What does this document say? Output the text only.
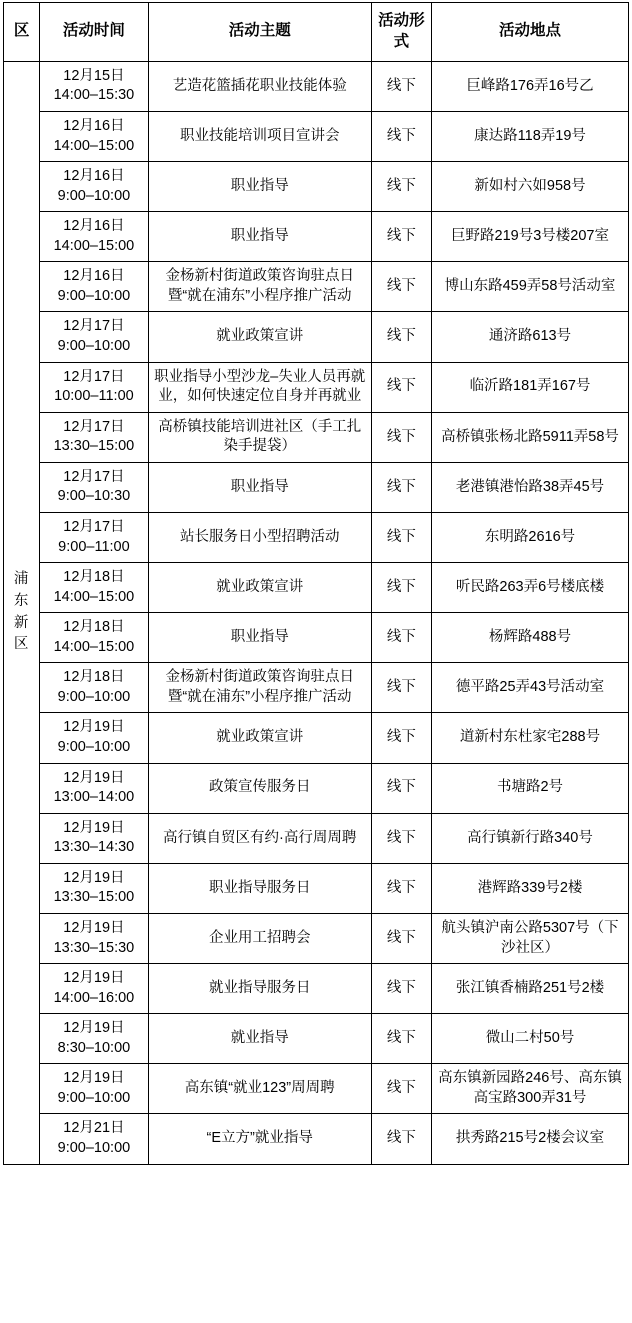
区	活动时间	活动主题	活动形式	活动地点

浦
东
新
区

12月15日
14:00–15:30
	艺造花篮插花职业技能体验	线下	巨峰路176弄16号乙

	12月16日
14:00–15:00	职业技能培训项目宣讲会	线下	康达路118弄19号

	12月16日
9:00–10:00	职业指导	线下	新如村六如958号

	12月16日
14:00–15:00	职业指导	线下	巨野路219号3号楼207室

	12月16日
9:00–10:00	金杨新村街道政策咨询驻点日暨“就在浦东”小程序推广活动	线下	博山东路459弄58号活动室

	12月17日
9:00–10:00	就业政策宣讲	线下	通济路613号

	12月17日
10:00–11:00	职业指导小型沙龙–失业人员再就业，如何快速定位自身并再就业	线下	临沂路181弄167号

	12月17日
13:30–15:00	高桥镇技能培训进社区（手工扎染手提袋）	线下	高桥镇张杨北路5911弄58号

	12月17日
9:00–10:30	职业指导	线下	老港镇港怡路38弄45号

	12月17日
9:00–11:00	站长服务日小型招聘活动	线下	东明路2616号

	12月18日
14:00–15:00	就业政策宣讲	线下	听民路263弄6号楼底楼

	12月18日
14:00–15:00	职业指导	线下	杨辉路488号

	12月18日
9:00–10:00	金杨新村街道政策咨询驻点日暨“就在浦东”小程序推广活动	线下	德平路25弄43号活动室

	12月19日
9:00–10:00	就业政策宣讲	线下	道新村东杜家宅288号

	12月19日
13:00–14:00	政策宣传服务日	线下	书塘路2号

	12月19日
13:30–14:30	高行镇自贸区有约·高行周周聘	线下	高行镇新行路340号

	12月19日
13:30–15:00	职业指导服务日	线下	港辉路339号2楼

	12月19日
13:30–15:30	企业用工招聘会	线下	航头镇沪南公路5307号（下沙社区）

	12月19日
14:00–16:00	就业指导服务日	线下	张江镇香楠路251号2楼

	12月19日
8:30–10:00	就业指导	线下	微山二村50号

	12月19日
9:00–10:00	高东镇“就业123”周周聘	线下	高东镇新园路246号、高东镇高宝路300弄31号

	12月21日
9:00–10:00	“E立方”就业指导	线下	拱秀路215号2楼会议室
